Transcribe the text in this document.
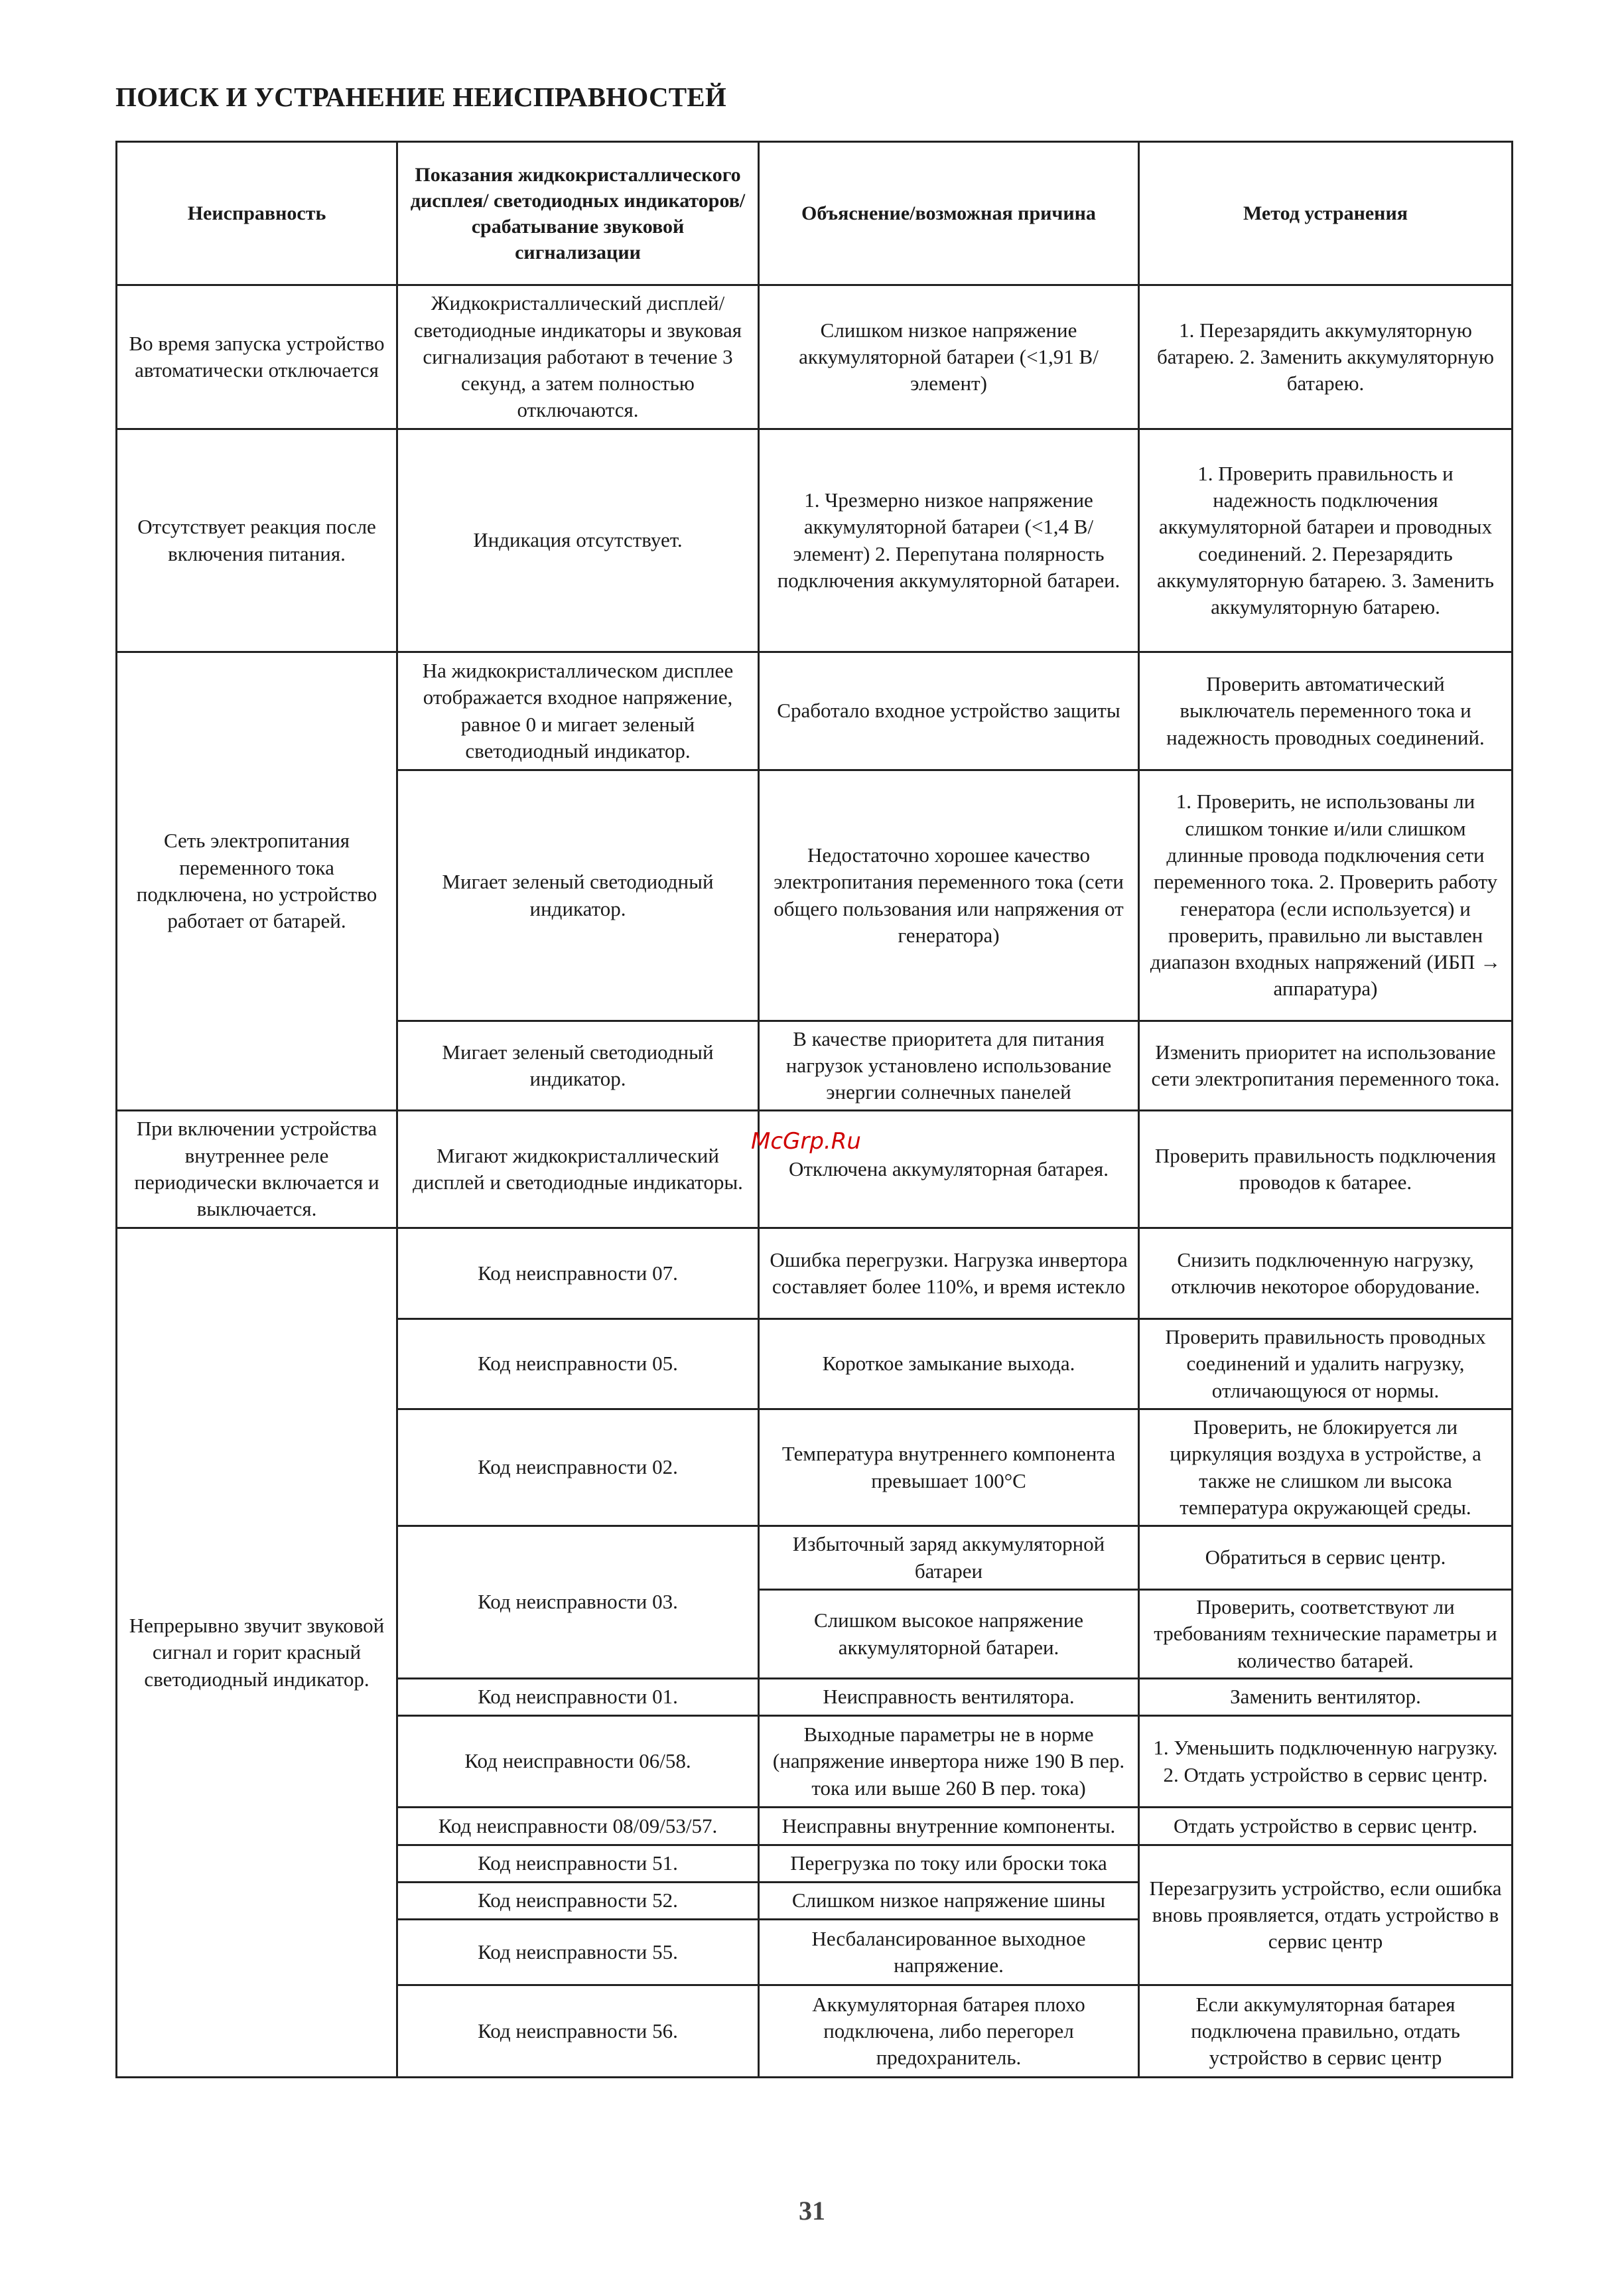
ПОИСК И УСТРАНЕНИЕ НЕИСПРАВНОСТЕЙ
Неисправность	Показания жидкокристаллического дисплея/ светодиодных индикаторов/ срабатывание звуковой сигнализации	Объяснение/возможная причина	Метод устранения
Во время запуска устройство автоматически отключается	Жидкокристаллический дисплей/ светодиодные индикаторы и звуковая сигнализация работают в течение 3 секунд, а затем полностью отключаются.	Слишком низкое напряжение аккумуляторной батареи (<1,91 В/элемент)	1. Перезарядить аккумуляторную батарею. 2. Заменить аккумуляторную батарею.
Отсутствует реакция после включения питания.	Индикация отсутствует.	1. Чрезмерно низкое напряжение аккумуляторной батареи (<1,4 В/элемент) 2. Перепутана полярность подключения аккумуляторной батареи.	1. Проверить правильность и надежность подключения аккумуляторной батареи и проводных соединений. 2. Перезарядить аккумуляторную батарею. 3. Заменить аккумуляторную батарею.
Сеть электропитания переменного тока подключена, но устройство работает от батарей.	На жидкокристаллическом дисплее отображается входное напряжение, равное 0 и мигает зеленый светодиодный индикатор.	Сработало входное устройство защиты	Проверить автоматический выключатель переменного тока и надежность проводных соединений.
	Мигает зеленый светодиодный индикатор.	Недостаточно хорошее качество электропитания переменного тока (сети общего пользования или напряжения от генератора)	1. Проверить, не использованы ли слишком тонкие и/или слишком длинные провода подключения сети переменного тока. 2. Проверить работу генератора (если используется) и проверить, правильно ли выставлен диапазон входных напряжений (ИБП → аппаратура)
	Мигает зеленый светодиодный индикатор.	В качестве приоритета для питания нагрузок установлено использование энергии солнечных панелей	Изменить приоритет на использование сети электропитания переменного тока.
При включении устройства внутреннее реле периодически включается и выключается.	Мигают жидкокристаллический дисплей и светодиодные индикаторы.	Отключена аккумуляторная батарея.	Проверить правильность подключения проводов к батарее.
Непрерывно звучит звуковой сигнал и горит красный светодиодный индикатор.	Код неисправности 07.	Ошибка перегрузки. Нагрузка инвертора составляет более 110%, и время истекло	Снизить подключенную нагрузку, отключив некоторое оборудование.
	Код неисправности 05.	Короткое замыкание выхода.	Проверить правильность проводных соединений и удалить нагрузку, отличающуюся от нормы.
	Код неисправности 02.	Температура внутреннего компонента превышает 100°C	Проверить, не блокируется ли циркуляция воздуха в устройстве, а также не слишком ли высока температура окружающей среды.
	Код неисправности 03.	Избыточный заряд аккумуляторной батареи	Обратиться в сервис центр.
		Слишком высокое напряжение аккумуляторной батареи.	Проверить, соответствуют ли требованиям технические параметры и количество батарей.
	Код неисправности 01.	Неисправность вентилятора.	Заменить вентилятор.
	Код неисправности 06/58.	Выходные параметры не в норме (напряжение инвертора ниже 190 В пер. тока или выше 260 В пер. тока)	1. Уменьшить подключенную нагрузку. 2. Отдать устройство в сервис центр.
	Код неисправности 08/09/53/57.	Неисправны внутренние компоненты.	Отдать устройство в сервис центр.
	Код неисправности 51.	Перегрузка по току или броски тока	Перезагрузить устройство, если ошибка вновь проявляется, отдать устройство в сервис центр
	Код неисправности 52.	Слишком низкое напряжение шины	
	Код неисправности 55.	Несбалансированное выходное напряжение.	
	Код неисправности 56.	Аккумуляторная батарея плохо подключена, либо перегорел предохранитель.	Если аккумуляторная батарея подключена правильно, отдать устройство в сервис центр
McGrp.Ru
31
